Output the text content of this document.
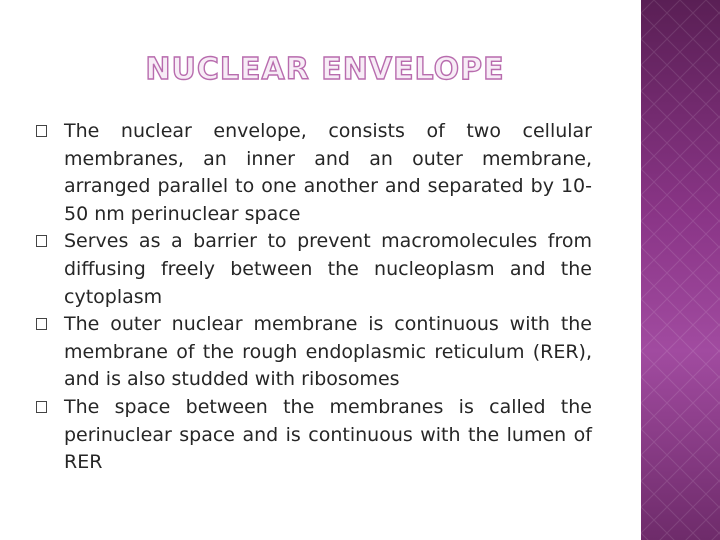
NUCLEAR ENVELOPE
The nuclear envelope, consists of two cellular membranes, an inner and an outer membrane, arranged parallel to one another and separated by 10-50 nm perinuclear space
Serves as a barrier to prevent macromolecules from diffusing freely between the nucleoplasm and the cytoplasm
The outer nuclear membrane is continuous with the membrane of the rough endoplasmic reticulum (RER), and is also studded with ribosomes
The space between the membranes is called the perinuclear space and is continuous with the lumen of RER
